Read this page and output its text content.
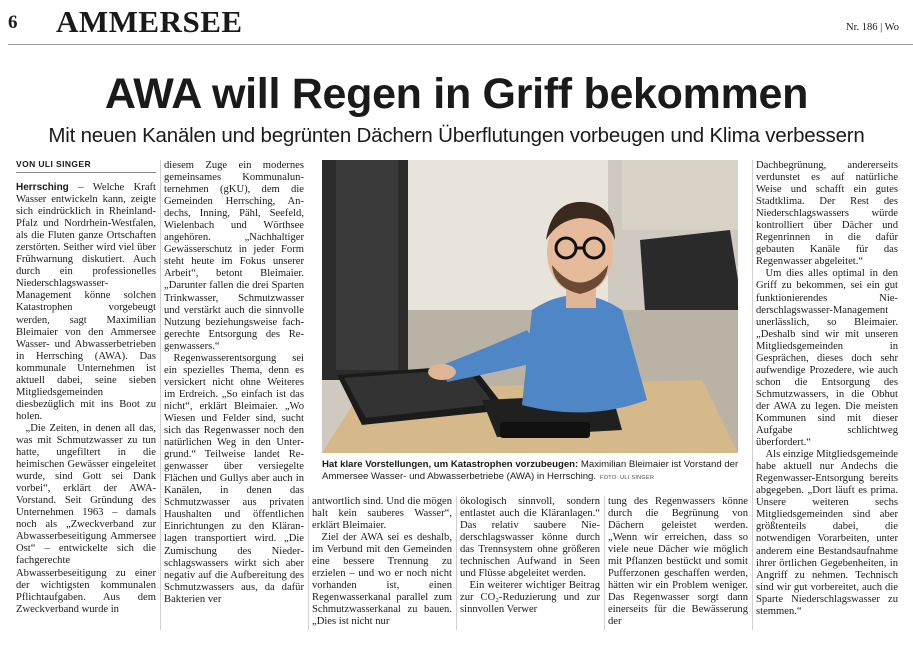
6 AMMERSEE	Nr. 186 | Wo
AWA will Regen in Griff bekommen
Mit neuen Kanälen und begrünten Dächern Überflutungen vorbeugen und Klima verbessern
VON ULI SINGER

Herrsching – Welche Kraft Wasser entwickeln kann, zeigte sich eindrücklich in Rheinland-Pfalz und Nordrhein-Westfalen, als die Fluten ganze Ortschaften zerstörten. Seither wird viel über Frühwarnung diskutiert. Auch durch ein professionelles Niederschlagswasser-Management könne solchen Katastrophen vorgebeugt werden, sagt Maximilian Bleimaier von den Ammersee Wasser- und Abwasserbetrieben in Herrsching (AWA). Das kommunale Unternehmen ist aktuell dabei, seine sieben Mitgliedsgemeinden diesbezüglich mit ins Boot zu holen.

„Die Zeiten, in denen all das, was mit Schmutzwasser zu tun hatte, ungefiltert in die heimischen Gewässer eingeleitet wurde, sind Gott sei Dank vorbei“, erklärt der AWA-Vorstand. Seit Gründung des Unternehmen 1963 – damals noch als „Zweckverband zur Abwasserbeseitigung Ammersee Ost“ – entwickelte sich die fachgerechte Abwasserbeseitigung zu einer der wichtigsten kommunalen Pflichtaufgaben. Aus dem Zweckverband wurde in

diesem Zuge ein modernes gemeinsames Kommunalunternehmen (gKU), dem die Gemeinden Herrsching, Andechs, Inning, Pähl, Seefeld, Wielenbach und Wörthsee angehören. „Nachhaltiger Gewässerschutz in jeder Form steht heute im Fokus unserer Arbeit“, betont Bleimaier. „Darunter fallen die drei Sparten Trinkwasser, Schmutzwasser und verstärkt auch die sinnvolle Nutzung beziehungsweise fachgerechte Entsorgung des Regenwassers.“

Regenwasserentsorgung sei ein spezielles Thema, denn es versickert nicht ohne Weiteres im Erdreich. „So einfach ist das nicht“, erklärt Bleimaier. „Wo Wiesen und Felder sind, sucht sich das Regenwasser noch den natürlichen Weg in den Untergrund.“ Teilweise landet Regenwasser über versiegelte Flächen und Gullys aber auch in Kanälen, in denen das Schmutzwasser aus privaten Haushalten und öffentlichen Einrichtungen zu den Kläranlagen transportiert wird. „Die Zumischung des Niederschlagswassers wirkt sich aber negativ auf die Aufbereitung des Schmutzwassers aus, da dafür Bakterien ver

Hat klare Vorstellungen, um Katastrophen vorzubeugen: Maximilian Bleimaier ist Vorstand der Ammersee Wasser- und Abwasserbetriebe (AWA) in Herrsching. FOTO: ULI SINGER

antwortlich sind. Und die mögen halt kein sauberes Wasser“, erklärt Bleimaier.

Ziel der AWA sei es deshalb, im Verbund mit den Gemeinden eine bessere Trennung zu erzielen – und wo er noch nicht vorhanden ist, einen Regenwasserkanal parallel zum Schmutzwasserkanal zu bauen. „Dies ist nicht nur

ökologisch sinnvoll, sondern entlastet auch die Kläranlagen.“ Das relativ saubere Niederschlagswasser könne durch das Trennsystem ohne größeren technischen Aufwand in Seen und Flüsse abgeleitet werden.

Ein weiterer wichtiger Beitrag zur CO₂-Reduzierung und zur sinnvollen Verwer

tung des Regenwassers könne durch die Begrünung von Dächern geleistet werden. „Wenn wir erreichen, dass so viele neue Dächer wie möglich mit Pflanzen bestückt und somit Pufferzonen geschaffen werden, hätten wir ein Problem weniger. Das Regenwasser sorgt dann einerseits für die Bewässerung der

Dachbegrünung, andererseits verdunstet es auf natürliche Weise und schafft ein gutes Stadtklima. Der Rest des Niederschlagswassers würde kontrolliert über Dächer und Regenrinnen in die dafür gebauten Kanäle für das Regenwasser abgeleitet.“

Um dies alles optimal in den Griff zu bekommen, sei ein gut funktionierendes Niederschlagswasser-Management unerlässlich, so Bleimaier. „Deshalb sind wir mit unseren Mitgliedsgemeinden in Gesprächen, dieses doch sehr aufwendige Prozedere, wie auch schon die Entsorgung des Schmutzwassers, in die Obhut der AWA zu legen. Die meisten Kommunen sind mit dieser Aufgabe schlichtweg überfordert.“

Als einzige Mitgliedsgemeinde habe aktuell nur Andechs die Regenwasser-Entsorgung bereits abgegeben. „Dort läuft es prima. Unsere weiteren sechs Mitgliedsgemeinden sind aber größtenteils dabei, die notwendigen Vorarbeiten, unter anderem eine Bestandsaufnahme ihrer örtlichen Gegebenheiten, in Angriff zu nehmen. Technisch sind wir gut vorbereitet, auch die Sparte Niederschlagswasser zu stemmen.“
